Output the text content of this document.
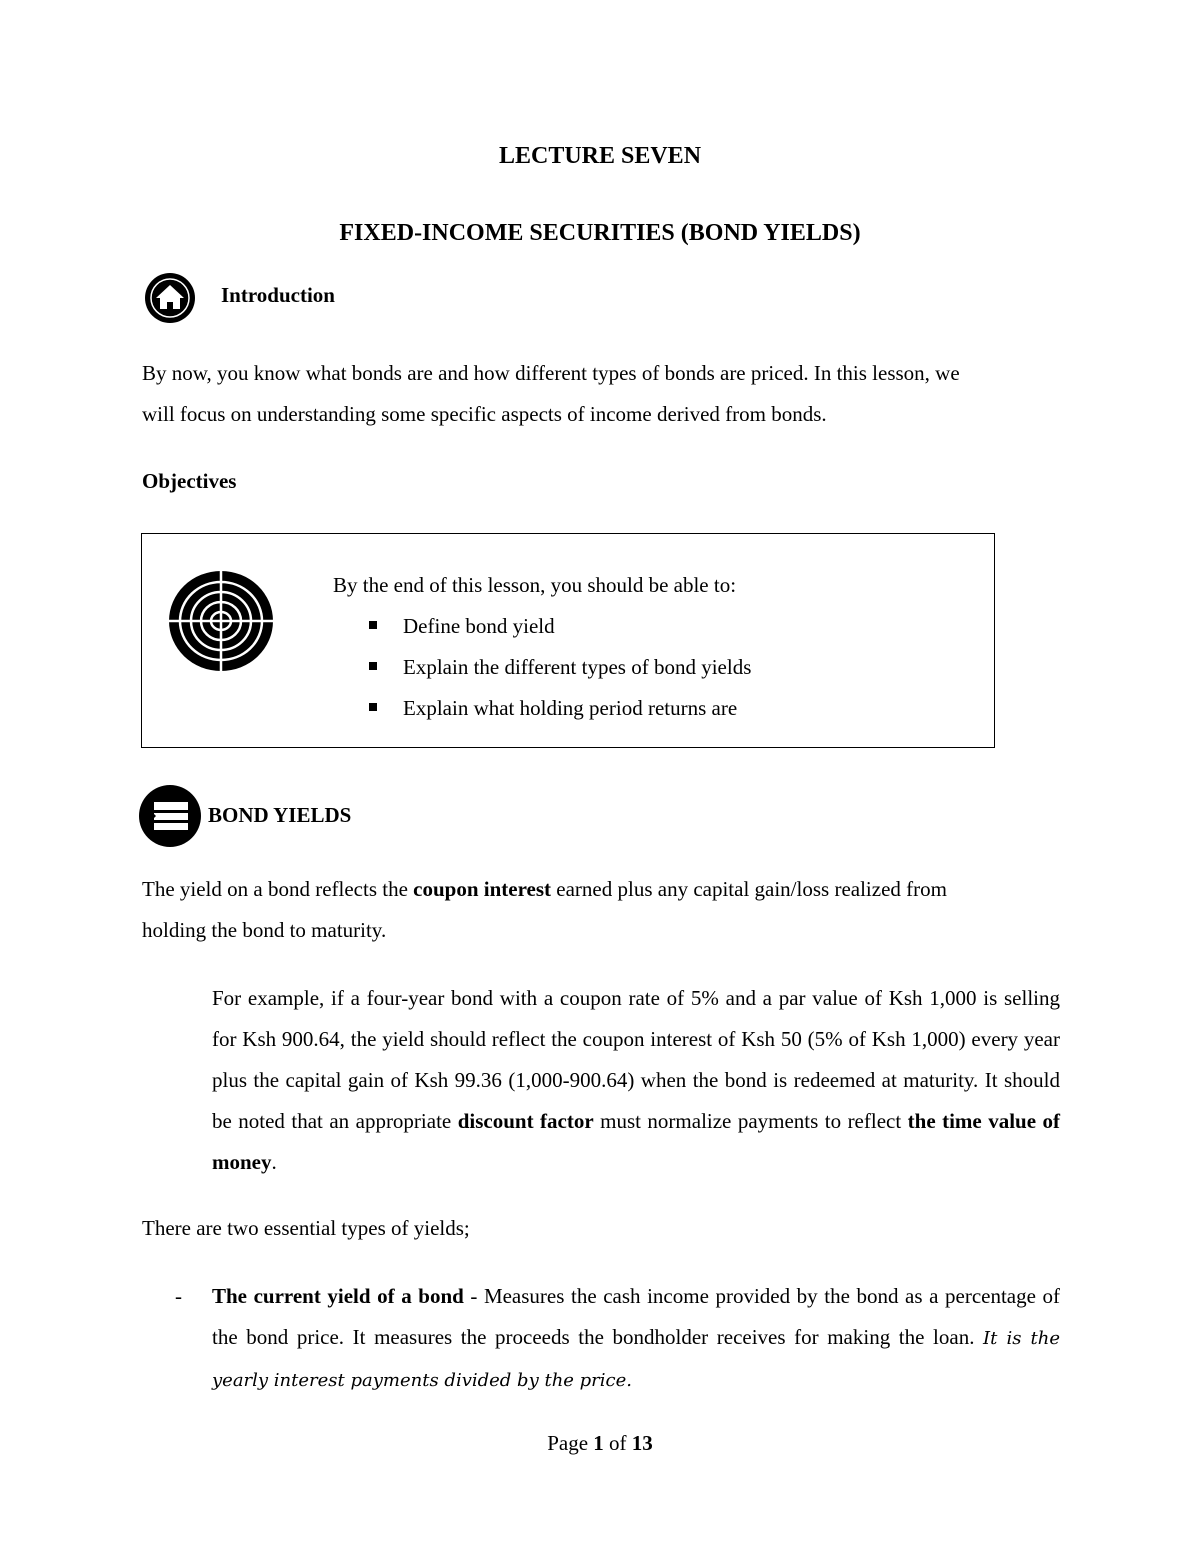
LECTURE SEVEN
FIXED-INCOME SECURITIES (BOND YIELDS)
Introduction
By now, you know what bonds are and how different types of bonds are priced. In this lesson, we
will focus on understanding some specific aspects of income derived from bonds.
Objectives
By the end of this lesson, you should be able to:
Define bond yield
Explain the different types of bond yields
Explain what holding period returns are
BOND YIELDS
The yield on a bond reflects the coupon interest earned plus any capital gain/loss realized from
holding the bond to maturity.
For example, if a four-year bond with a coupon rate of 5% and a par value of Ksh 1,000 is selling for Ksh 900.64, the yield should reflect the coupon interest of Ksh 50 (5% of Ksh 1,000) every year plus the capital gain of Ksh 99.36 (1,000-900.64) when the bond is redeemed at maturity. It should be noted that an appropriate discount factor must normalize payments to reflect the time value of money.
There are two essential types of yields;
- The current yield of a bond - Measures the cash income provided by the bond as a percentage of the bond price. It measures the proceeds the bondholder receives for making the loan. It is the yearly interest payments divided by the price.
Page 1 of 13
